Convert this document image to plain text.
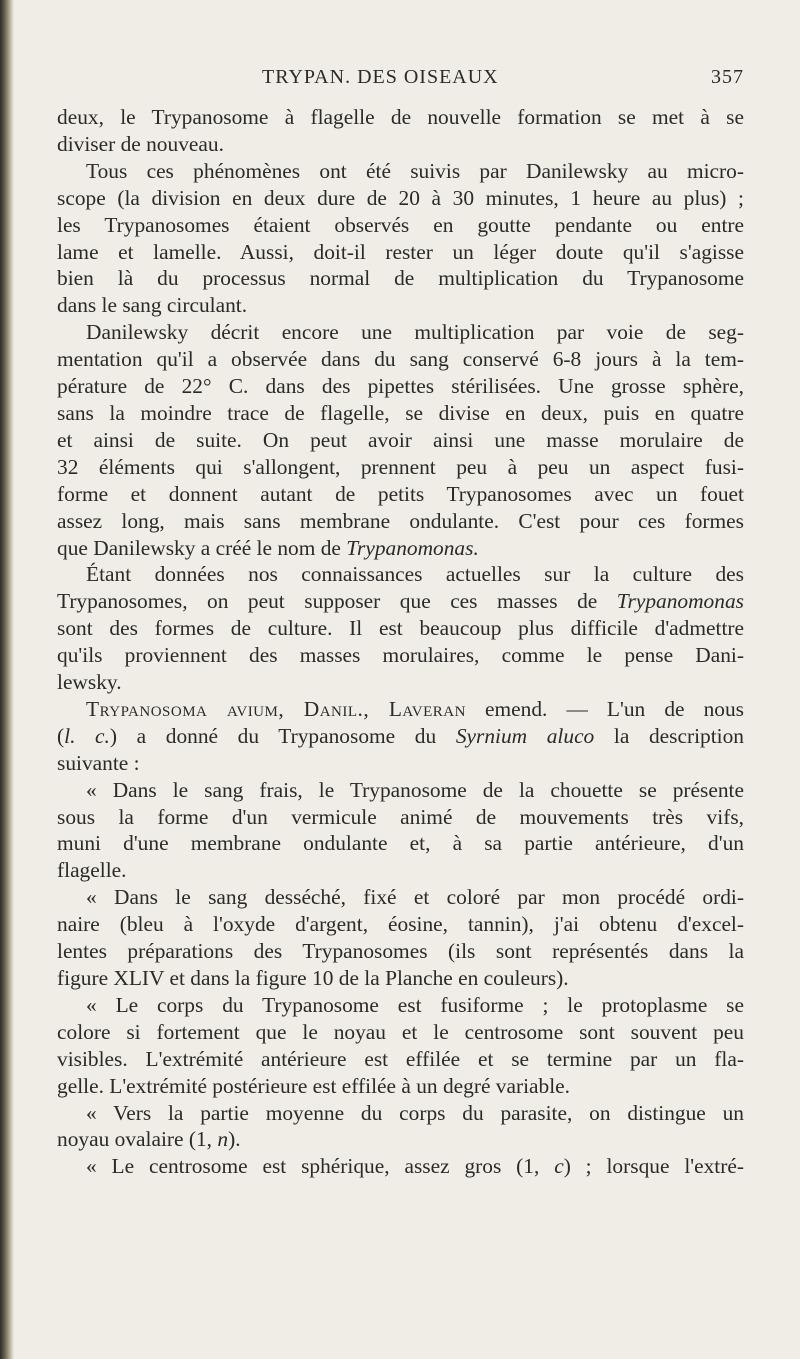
TRYPAN. DES OISEAUX	357

deux, le Trypanosome à flagelle de nouvelle formation se met à se
diviser de nouveau.

Tous ces phénomènes ont été suivis par Danilewsky au micro-
scope (la division en deux dure de 20 à 30 minutes, 1 heure au plus) ;
les Trypanosomes étaient observés en goutte pendante ou entre
lame et lamelle. Aussi, doit-il rester un léger doute qu'il s'agisse
bien là du processus normal de multiplication du Trypanosome
dans le sang circulant.

Danilewsky décrit encore une multiplication par voie de seg-
mentation qu'il a observée dans du sang conservé 6-8 jours à la tem-
pérature de 22° C. dans des pipettes stérilisées. Une grosse sphère,
sans la moindre trace de flagelle, se divise en deux, puis en quatre
et ainsi de suite. On peut avoir ainsi une masse morulaire de
32 éléments qui s'allongent, prennent peu à peu un aspect fusi-
forme et donnent autant de petits Trypanosomes avec un fouet
assez long, mais sans membrane ondulante. C'est pour ces formes
que Danilewsky a créé le nom de Trypanomonas.

Étant données nos connaissances actuelles sur la culture des
Trypanosomes, on peut supposer que ces masses de Trypanomonas
sont des formes de culture. Il est beaucoup plus difficile d'admettre
qu'ils proviennent des masses morulaires, comme le pense Dani-
lewsky.

Trypanosoma avium, Danil., Laveran emend. — L'un de nous
(l. c.) a donné du Trypanosome du Syrnium aluco la description
suivante :

« Dans le sang frais, le Trypanosome de la chouette se présente
sous la forme d'un vermicule animé de mouvements très vifs,
muni d'une membrane ondulante et, à sa partie antérieure, d'un
flagelle.

« Dans le sang desséché, fixé et coloré par mon procédé ordi-
naire (bleu à l'oxyde d'argent, éosine, tannin), j'ai obtenu d'excel-
lentes préparations des Trypanosomes (ils sont représentés dans la
figure XLIV et dans la figure 10 de la Planche en couleurs).

« Le corps du Trypanosome est fusiforme ; le protoplasme se
colore si fortement que le noyau et le centrosome sont souvent peu
visibles. L'extrémité antérieure est effilée et se termine par un fla-
gelle. L'extrémité postérieure est effilée à un degré variable.

« Vers la partie moyenne du corps du parasite, on distingue un
noyau ovalaire (1, n).

« Le centrosome est sphérique, assez gros (1, c) ; lorsque l'extré-
